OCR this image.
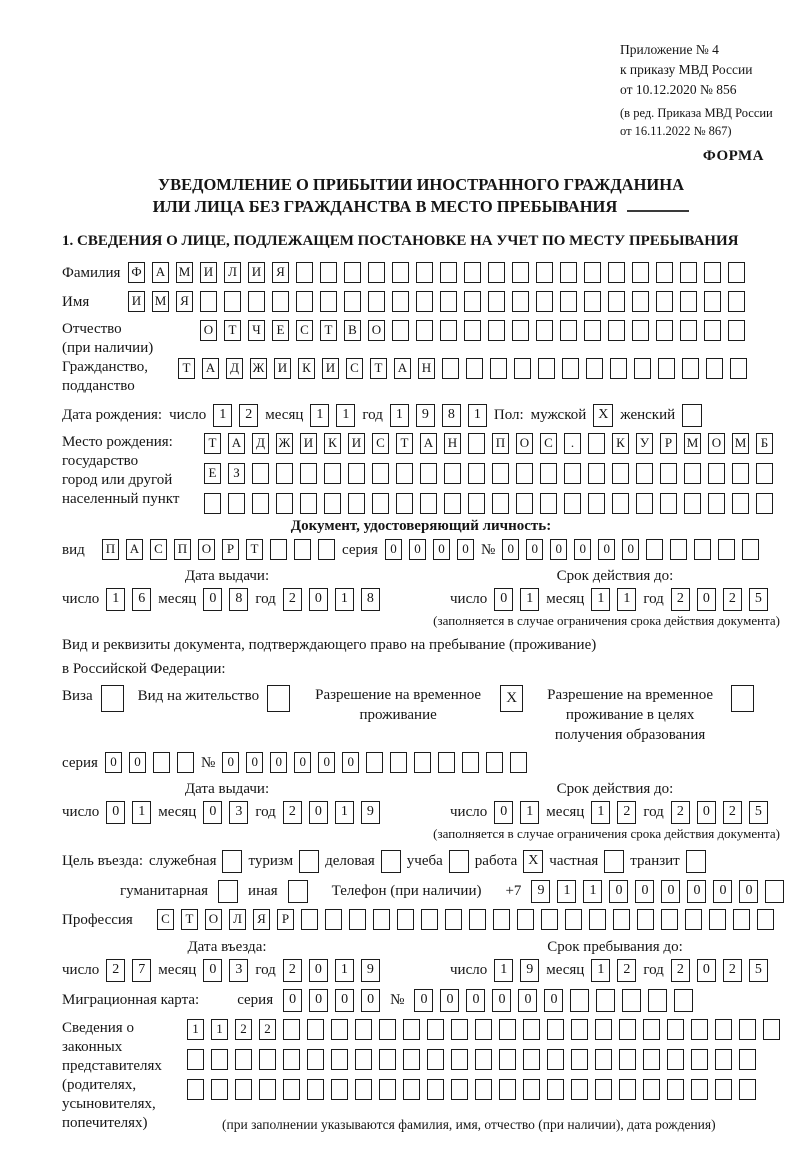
Приложение № 4
к приказу МВД России
от 10.12.2020 № 856
(в ред. Приказа МВД России
от 16.11.2022 № 867)
ФОРМА
УВЕДОМЛЕНИЕ О ПРИБЫТИИ ИНОСТРАННОГО ГРАЖДАНИНА
ИЛИ ЛИЦА БЕЗ ГРАЖДАНСТВА В МЕСТО ПРЕБЫВАНИЯ
1. СВЕДЕНИЯ О ЛИЦЕ, ПОДЛЕЖАЩЕМ ПОСТАНОВКЕ НА УЧЕТ ПО МЕСТУ ПРЕБЫВАНИЯ
Фамилия Ф А М И	Л	И	Я
Имя	И М	Я
Отчество
(при наличии)
О	Т	Ч	Е	С	Т	В	О
Гражданство,
подданство
Т	А	Д	Ж И	К	И	С	Т	А Н
Дата рождения: число 1	2 месяц 1	1 год 1	9	8	1 Пол: мужской X женский
Место рождения:
государство
город или другой
населенный пункт
Т	А	Д	Ж И	К	И	С	Т	А Н	П О	С	.	К	У	Р	М О М	Б
Е	З
Документ, удостоверяющий личность:
вид	П А	С	П О	Р	Т	серия 0	0	0	0 № 0	0	0	0	0	0
Дата выдачи:
число 1	6 месяц 0	8 год 2	0	1	8
Срок действия до:
число 0	1 месяц 1	1 год 2	0	2	5
(заполняется в случае ограничения срока действия документа)
Вид и реквизиты документа, подтверждающего право на пребывание (проживание)
в Российской Федерации:
Виза	Вид на жительство	Разрешение на временное проживание
X	Разрешение на временное проживание в целях получения образования
серия 0	0	№ 0	0	0	0	0	0
Дата выдачи:
число 0	1 месяц 0	3 год 2	0	1	9
Срок действия до:
число 0	1 месяц 1	2 год 2	0	2	5
(заполняется в случае ограничения срока действия документа)
Цель въезда: служебная туризм деловая учеба работа X частная транзит
гуманитарная	иная	Телефон (при наличии) +7	9	1	1	0	0	0	0	0	0
Профессия	С	Т	О	Л	Я	Р
Дата въезда:
число 2	7 месяц 0	3 год 2	0	1	9
Срок пребывания до:
число 1	9 месяц 1	2 год 2	0	2	5
Миграционная карта:	серия	0	0	0	0	№	0	0	0	0	0	0
Сведения о
законных
представителях
(родителях,
усыновителях,
попечителях)
1	1	2	2
(при заполнении указываются фамилия, имя, отчество (при наличии), дата рождения)
